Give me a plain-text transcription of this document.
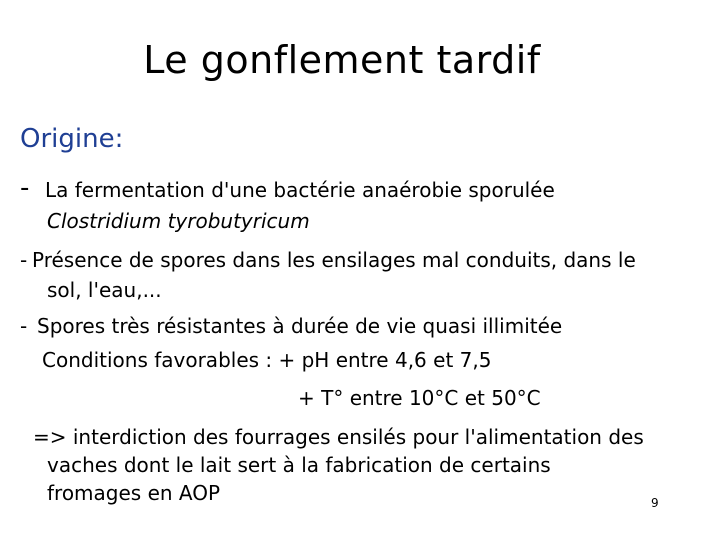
Le gonflement tardif
Origine:
- La fermentation d'une bactérie anaérobie sporulée
Clostridium tyrobutyricum
- Présence de spores dans les ensilages mal conduits, dans le
sol, l'eau,...
- Spores très résistantes à durée de vie quasi illimitée
Conditions favorables : + pH entre 4,6 et 7,5
+ T° entre 10°C et 50°C
=> interdiction des fourrages ensilés pour l'alimentation des
vaches dont le lait sert à la fabrication de certains
fromages en AOP	9
